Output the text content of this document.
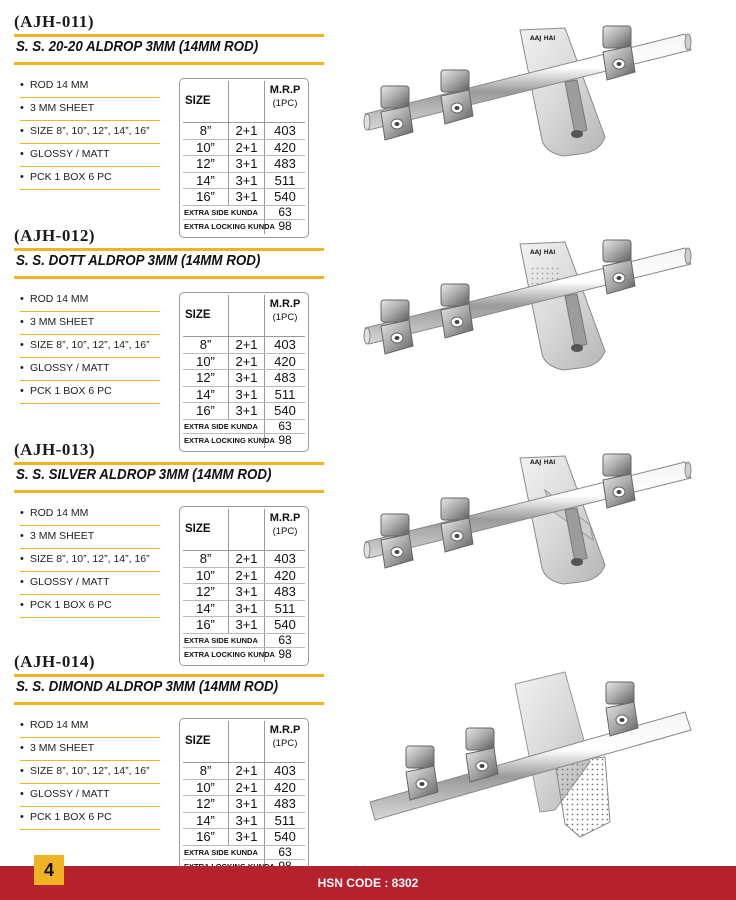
(AJH-011)
S. S. 20-20 ALDROP 3MM (14MM ROD)
• ROD 14 MM
• 3 MM SHEET
• SIZE 8”, 10”, 12”, 14”, 16”
• GLOSSY / MATT
• PCK 1 BOX 6 PC
SIZE
M.R.P
(1PC)
8”	2+1	403
10”	2+1	420
12”	3+1	483
14”	3+1	511
16”	3+1	540
EXTRA SIDE KUNDA	63
EXTRA LOCKING KUNDA 98
AAJ HAI
(AJH-012)
S. S. DOTT ALDROP 3MM (14MM ROD)
• ROD 14 MM
• 3 MM SHEET
• SIZE 8”, 10”, 12”, 14”, 16”
• GLOSSY / MATT
• PCK 1 BOX 6 PC
SIZE
M.R.P
(1PC)
8”	2+1	403
10”	2+1	420
12”	3+1	483
14”	3+1	511
16”	3+1	540
EXTRA SIDE KUNDA	63
EXTRA LOCKING KUNDA 98
AAJ HAI
(AJH-013)
S. S. SILVER ALDROP 3MM (14MM ROD)
• ROD 14 MM
• 3 MM SHEET
• SIZE 8”, 10”, 12”, 14”, 16”
• GLOSSY / MATT
• PCK 1 BOX 6 PC
SIZE
M.R.P
(1PC)
8”	2+1	403
10”	2+1	420
12”	3+1	483
14”	3+1	511
16”	3+1	540
EXTRA SIDE KUNDA	63
EXTRA LOCKING KUNDA 98
AAJ HAI
(AJH-014)
S. S. DIMOND ALDROP 3MM (14MM ROD)
• ROD 14 MM
• 3 MM SHEET
• SIZE 8”, 10”, 12”, 14”, 16”
• GLOSSY / MATT
• PCK 1 BOX 6 PC
SIZE
M.R.P
(1PC)
8”	2+1	403
10”	2+1	420
12”	3+1	483
14”	3+1	511
16”	3+1	540
EXTRA SIDE KUNDA	63
HSN CODE : 8302
4
